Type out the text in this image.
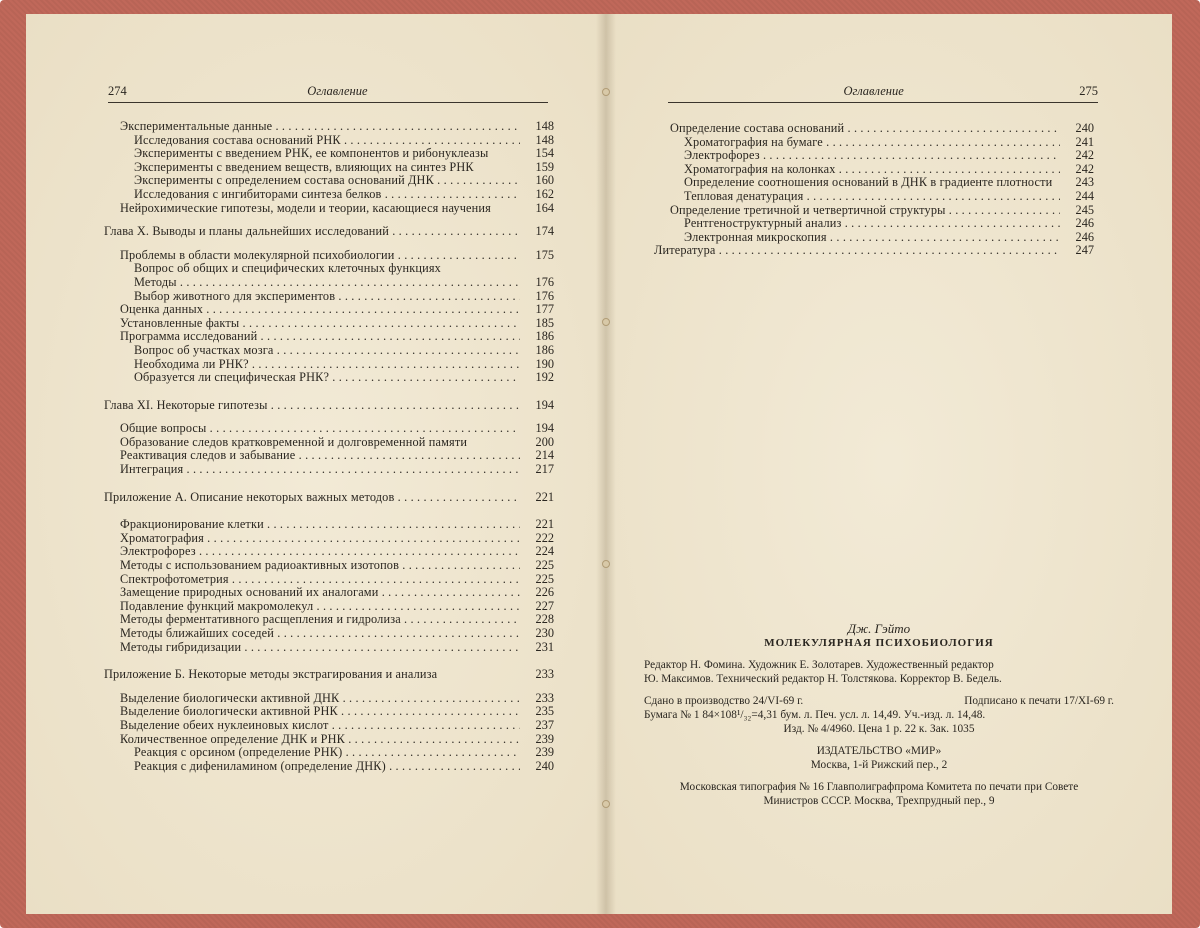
274	Оглавление
Экспериментальные данные . . .	148
Исследования состава оснований РНК . . .	148
Эксперименты с введением РНК, ее компонентов и рибонуклеазы	154
Эксперименты с введением веществ, влияющих на синтез РНК	159
Эксперименты с определением состава оснований ДНК . . .	160
Исследования с ингибиторами синтеза белков . . .	162
Нейрохимические гипотезы, модели и теории, касающиеся научения	164
Глава X. Выводы и планы дальнейших исследований . . .	174
Проблемы в области молекулярной психобиологии . . .	175
Вопрос об общих и специфических клеточных функциях
Методы . . .	176
Выбор животного для экспериментов . . .	176
Оценка данных . . .	177
Установленные факты . . .	185
Программа исследований . . .	186
Вопрос об участках мозга . . .	186
Необходима ли РНК? . . .	190
Образуется ли специфическая РНК? . . .	192
Глава XI. Некоторые гипотезы . . .	194
Общие вопросы . . .	194
Образование следов кратковременной и долговременной памяти	200
Реактивация следов и забывание . . .	214
Интеграция . . .	217
Приложение А. Описание некоторых важных методов . . .	221
Фракционирование клетки . . .	221
Хроматография . . .	222
Электрофорез . . .	224
Методы с использованием радиоактивных изотопов . . .	225
Спектрофотометрия . . .	225
Замещение природных оснований их аналогами . . .	226
Подавление функций макромолекул . . .	227
Методы ферментативного расщепления и гидролиза . . .	228
Методы ближайших соседей . . .	230
Методы гибридизации . . .	231
Приложение Б. Некоторые методы экстрагирования и анализа	233
Выделение биологически активной ДНК . . .	233
Выделение биологически активной РНК . . .	235
Выделение обеих нуклеиновых кислот . . .	237
Количественное определение ДНК и РНК . . .	239
Реакция с орсином (определение РНК) . . .	239
Реакция с дифениламином (определение ДНК) . . .	240
Оглавление	275
Определение состава оснований . . .	240
Хроматография на бумаге . . .	241
Электрофорез . . .	242
Хроматография на колонках . . .	242
Определение соотношения оснований в ДНК в градиенте плотности	243
Тепловая денатурация . . .	244
Определение третичной и четвертичной структуры . . .	245
Рентгеноструктурный анализ . . .	246
Электронная микроскопия . . .	246
Литература . . .	247
Дж. Гэйто
МОЛЕКУЛЯРНАЯ ПСИХОБИОЛОГИЯ
Редактор Н. Фомина. Художник Е. Золотарев. Художественный редактор
Ю. Максимов. Технический редактор Н. Толстякова. Корректор В. Бедель.
Сдано в производство 24/VI-69 г.	Подписано к печати 17/XI-69 г.
Бумага № 1 84×108¹/₃₂=4,31 бум. л. Печ. усл. л. 14,49. Уч.-изд. л. 14,48.
Изд. № 4/4960. Цена 1 р. 22 к. Зак. 1035
ИЗДАТЕЛЬСТВО «МИР»
Москва, 1-й Рижский пер., 2
Московская типография № 16 Главполиграфпрома Комитета по печати при Совете
Министров СССР. Москва, Трехпрудный пер., 9
